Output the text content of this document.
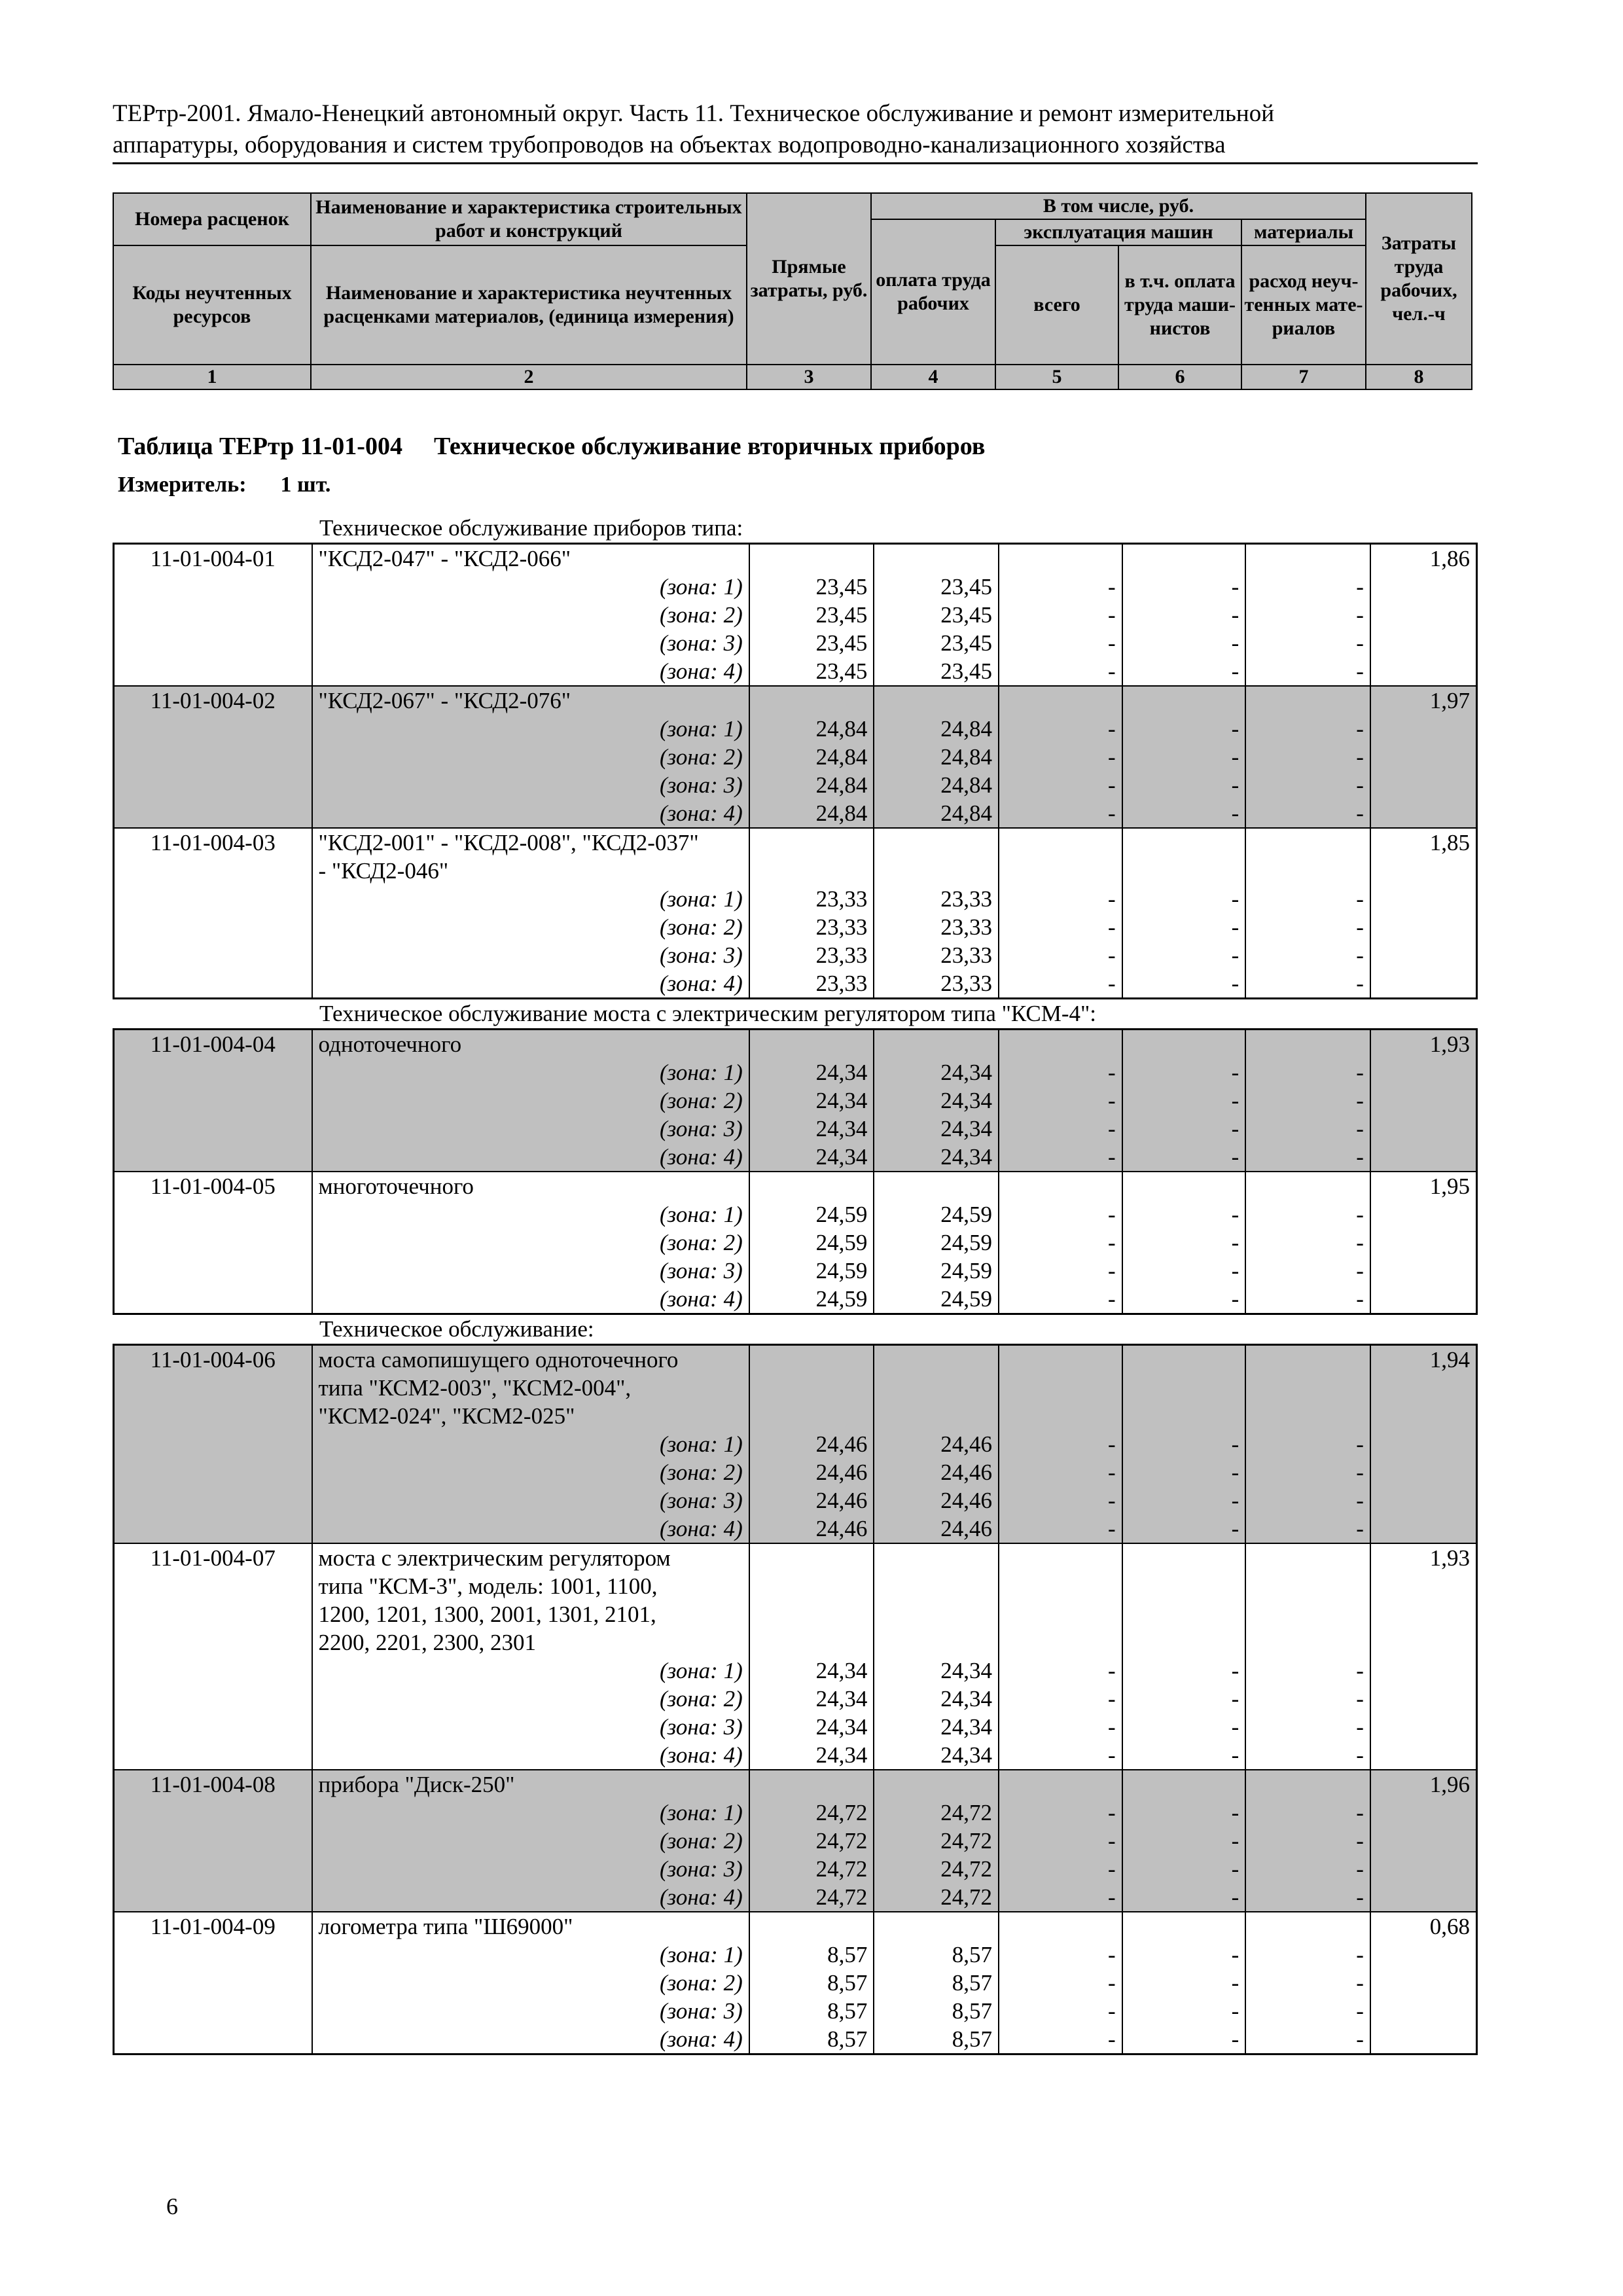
ТЕРтр-2001. Ямало-Ненецкий автономный округ. Часть 11. Техническое обслуживание и ремонт измерительной
аппаратуры, оборудования и систем трубопроводов на объектах водопроводно-канализационного хозяйства
Номера расценок	Наименование и характеристика строительных работ и конструкций	Прямые затраты, руб.	В том числе, руб.				Затраты труда рабочих, чел.-ч
			оплата труда рабочих	эксплуатация машин		материалы	
Коды неучтенных ресурсов	Наименование и характеристика неучтенных расценками материалов, (единица измерения)			всего	в т.ч. оплата труда маши-нистов	расход неуч-тенных мате-риалов	

1	2	3	4	5	6	7	8
Таблица ТЕРтр 11-01-004 Техническое обслуживание вторичных приборов
Измеритель: 1 шт.
Техническое обслуживание приборов типа:
11-01-004-01	"КСД2-047" - "КСД2-066"						1,86
	(зона: 1)	23,45	23,45	-	-	-	
	(зона: 2)	23,45	23,45	-	-	-	
	(зона: 3)	23,45	23,45	-	-	-	
	(зона: 4)	23,45	23,45	-	-	-	
11-01-004-02	"КСД2-067" - "КСД2-076"						1,97
	(зона: 1)	24,84	24,84	-	-	-	
	(зона: 2)	24,84	24,84	-	-	-	
	(зона: 3)	24,84	24,84	-	-	-	
	(зона: 4)	24,84	24,84	-	-	-	
11-01-004-03	"КСД2-001" - "КСД2-008", "КСД2-037"						1,85
	- "КСД2-046"						
	(зона: 1)	23,33	23,33	-	-	-	
	(зона: 2)	23,33	23,33	-	-	-	
	(зона: 3)	23,33	23,33	-	-	-	
	(зона: 4)	23,33	23,33	-	-	-	
Техническое обслуживание моста с электрическим регулятором типа "КСМ-4":
11-01-004-04	одноточечного						1,93
	(зона: 1)	24,34	24,34	-	-	-	
	(зона: 2)	24,34	24,34	-	-	-	
	(зона: 3)	24,34	24,34	-	-	-	
	(зона: 4)	24,34	24,34	-	-	-	
11-01-004-05	многоточечного						1,95
	(зона: 1)	24,59	24,59	-	-	-	
	(зона: 2)	24,59	24,59	-	-	-	
	(зона: 3)	24,59	24,59	-	-	-	
	(зона: 4)	24,59	24,59	-	-	-	
Техническое обслуживание:
11-01-004-06	моста самопишущего одноточечного						1,94
	типа "КСМ2-003", "КСМ2-004",						
	"КСМ2-024", "КСМ2-025"						
	(зона: 1)	24,46	24,46	-	-	-	
	(зона: 2)	24,46	24,46	-	-	-	
	(зона: 3)	24,46	24,46	-	-	-	
	(зона: 4)	24,46	24,46	-	-	-	
11-01-004-07	моста с электрическим регулятором						1,93
	типа "КСМ-3", модель: 1001, 1100,						
	1200, 1201, 1300, 2001, 1301, 2101,						
	2200, 2201, 2300, 2301						
	(зона: 1)	24,34	24,34	-	-	-	
	(зона: 2)	24,34	24,34	-	-	-	
	(зона: 3)	24,34	24,34	-	-	-	
	(зона: 4)	24,34	24,34	-	-	-	
11-01-004-08	прибора "Диск-250"						1,96
	(зона: 1)	24,72	24,72	-	-	-	
	(зона: 2)	24,72	24,72	-	-	-	
	(зона: 3)	24,72	24,72	-	-	-	
	(зона: 4)	24,72	24,72	-	-	-	
11-01-004-09	логометра типа "Ш69000"						0,68
	(зона: 1)	8,57	8,57	-	-	-	
	(зона: 2)	8,57	8,57	-	-	-	
	(зона: 3)	8,57	8,57	-	-	-	
	(зона: 4)	8,57	8,57	-	-	-	
6
